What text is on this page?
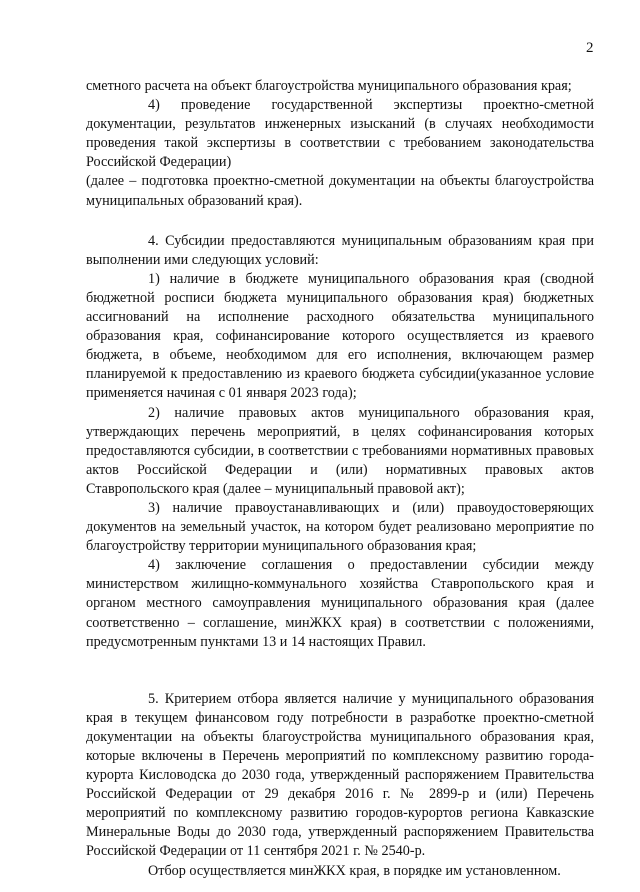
2

сметного расчета на объект благоустройства муниципального образования края;

4) проведение государственной экспертизы проектно-сметной документации, результатов инженерных изысканий (в случаях необходимости проведения такой экспертизы в соответствии с требованием законодательства Российской Федерации)

(далее – подготовка проектно-сметной документации на объекты благоустройства муниципальных образований края).

4. Субсидии предоставляются муниципальным образованиям края при выполнении ими следующих условий:

1) наличие в бюджете муниципального образования края (сводной бюджетной росписи бюджета муниципального образования края) бюджетных ассигнований на исполнение расходного обязательства муниципального образования края, софинансирование которого осуществляется из краевого бюджета, в объеме, необходимом для его исполнения, включающем размер планируемой к предоставлению из краевого бюджета субсидии(указанное условие применяется начиная с 01 января 2023 года);

2) наличие правовых актов муниципального образования края, утверждающих перечень мероприятий, в целях софинансирования которых предоставляются субсидии, в соответствии с требованиями нормативных правовых актов Российской Федерации и (или) нормативных правовых актов Ставропольского края (далее – муниципальный правовой акт);

3) наличие правоустанавливающих и (или) правоудостоверяющих документов на земельный участок, на котором будет реализовано мероприятие по благоустройству территории муниципального образования края;

4) заключение соглашения о предоставлении субсидии между министерством жилищно-коммунального хозяйства Ставропольского края и органом местного самоуправления муниципального образования края (далее соответственно – соглашение, минЖКХ края) в соответствии с положениями, предусмотренным пунктами 13 и 14 настоящих Правил.

5. Критерием отбора является наличие у муниципального образования края в текущем финансовом году потребности в разработке проектно-сметной документации на объекты благоустройства муниципального образования края, которые включены в Перечень мероприятий по комплексному развитию города-курорта Кисловодска до 2030 года, утвержденный распоряжением Правительства Российской Федерации от 29 декабря 2016 г. № 2899-р и (или) Перечень мероприятий по комплексному развитию городов-курортов региона Кавказские Минеральные Воды до 2030 года, утвержденный распоряжением Правительства Российской Федерации от 11 сентября 2021 г. № 2540-р.

Отбор осуществляется минЖКХ края, в порядке им установленном.
